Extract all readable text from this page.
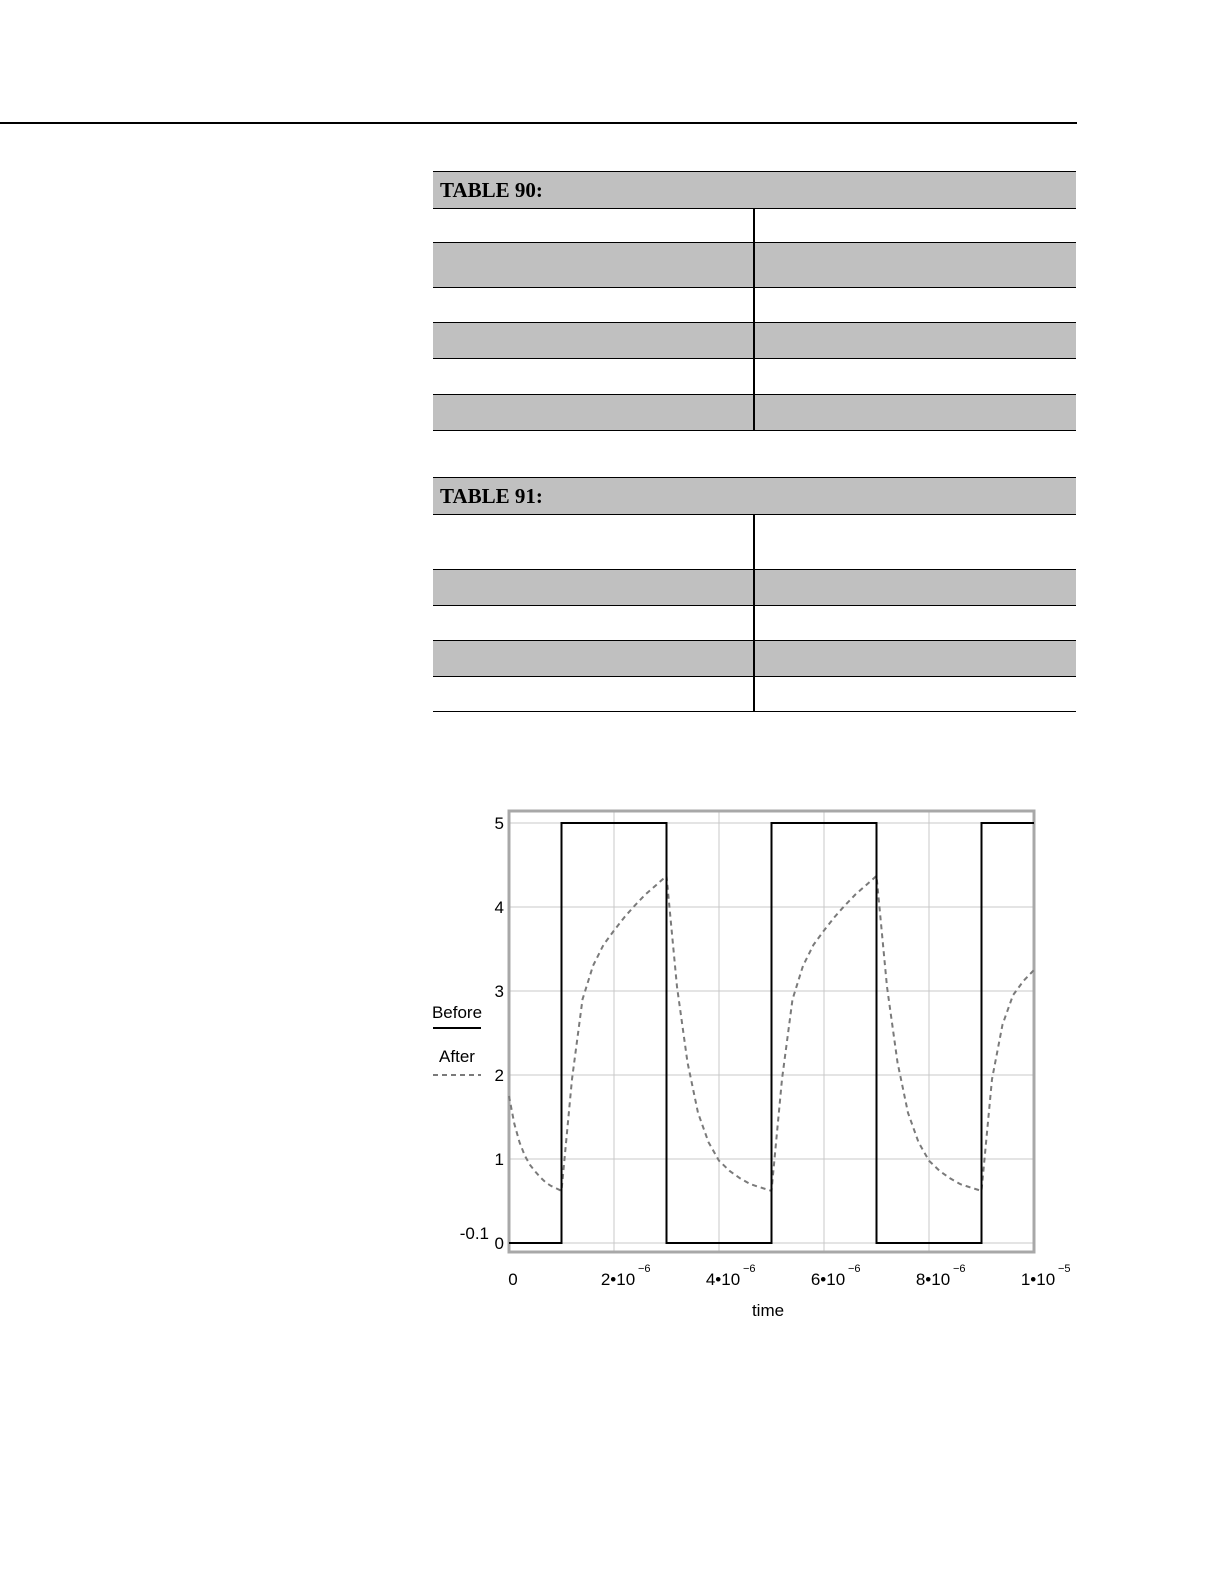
TABLE 90:	

TABLE 91:	

0
1
2
3
4
5
0	2•10
−6
4•10
−6
6•10
−6
8•10
−6
1•10
−5
time
-0.1
Before
After
